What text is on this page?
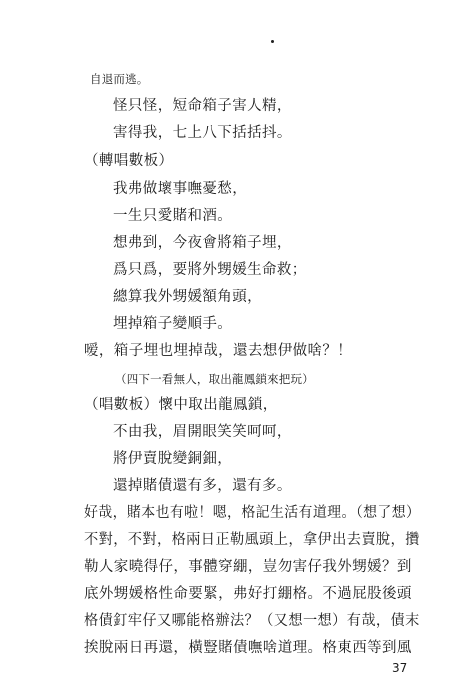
自退而逃。
怪只怪，短命箱子害人精，
害得我，七上八下括括抖。
（轉唱數板）
我弗做壞事嘸憂愁，
一生只愛賭和酒。
想弗到，今夜會將箱子埋，
爲只爲，要將外甥媛生命救；
總算我外甥媛額角頭，
埋掉箱子變順手。
嗳，箱子埋也埋掉哉，還去想伊做啥？！
（四下一看無人，取出龍鳳鎖來把玩）
（唱數板）懷中取出龍鳳鎖，
不由我，眉開眼笑笑呵呵，
將伊賣脫變銅鈿，
還掉賭債還有多，還有多。
好哉，賭本也有啦！嗯，格記生活有道理。（想了想）
不對，不對，格兩日正勒風頭上，拿伊出去賣脫，攢
勒人家曉得仔，事體穿綳，豈勿害仔我外甥媛？到
底外甥媛格性命要緊，弗好打綳格。不過屁股後頭
格債釘牢仔又哪能格辦法？（又想一想）有哉，債末
挨脫兩日再還，橫豎賭債嘸啥道理。格東西等到風
37
